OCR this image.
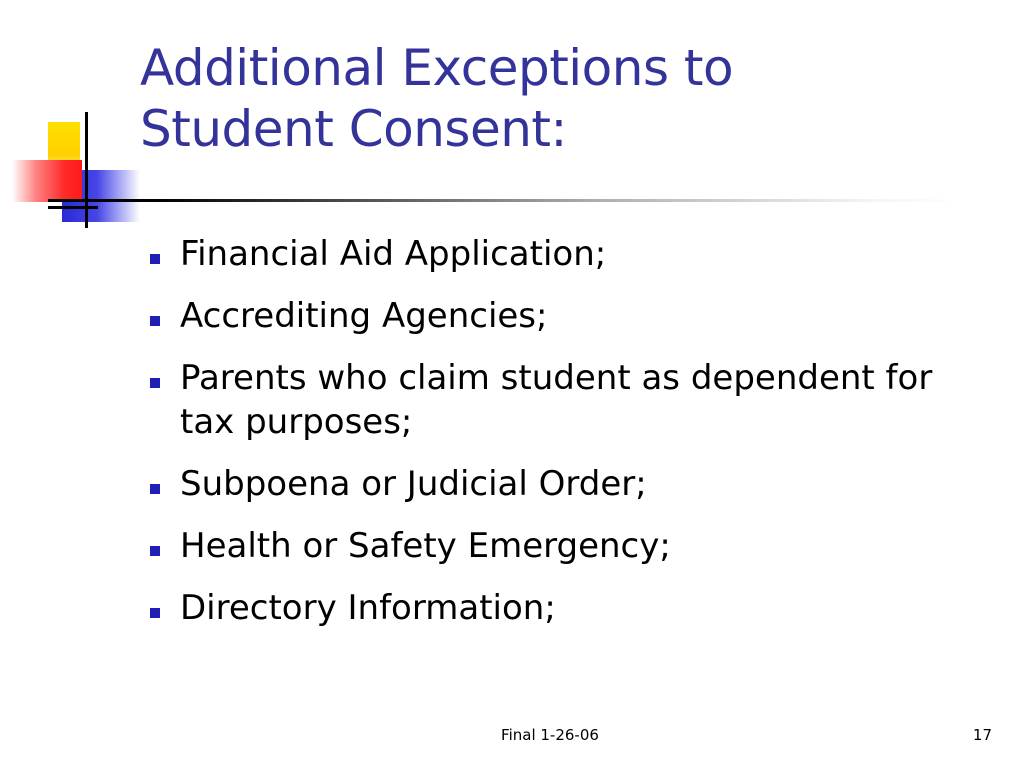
Additional Exceptions to
Student Consent:
Financial Aid Application;
Accrediting Agencies;
Parents who claim student as dependent for tax purposes;
Subpoena or Judicial Order;
Health or Safety Emergency;
Directory Information;
Final 1-26-06	17
